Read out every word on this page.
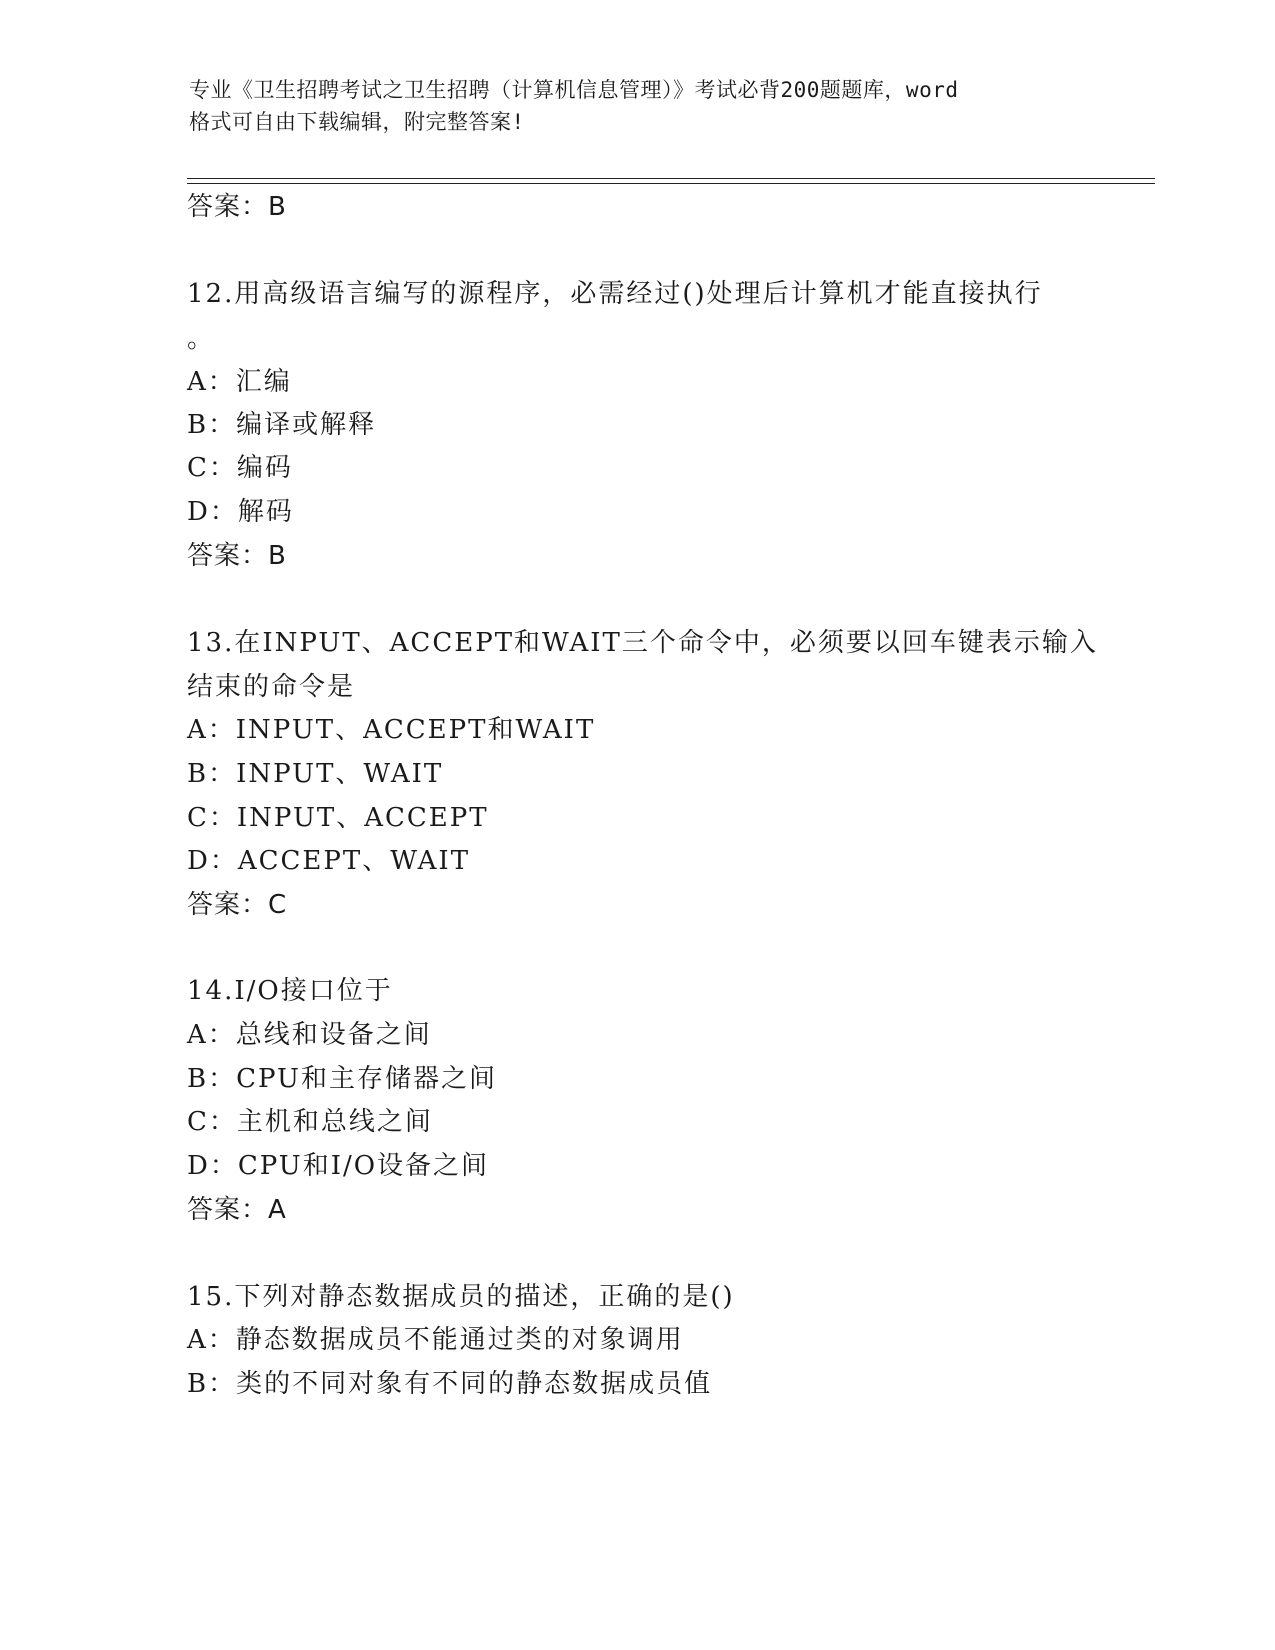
专业《卫生招聘考试之卫生招聘（计算机信息管理）》考试必背200题题库，word
格式可自由下载编辑，附完整答案!
答案：B
12.用高级语言编写的源程序，必需经过()处理后计算机才能直接执行
。
A：汇编
B：编译或解释
C：编码
D：解码
答案：B
13.在INPUT、ACCEPT和WAIT三个命令中，必须要以回车键表示输入
结束的命令是
A：INPUT、ACCEPT和WAIT
B：INPUT、WAIT
C：INPUT、ACCEPT
D：ACCEPT、WAIT
答案：C
14.I/O接口位于
A：总线和设备之间
B：CPU和主存储器之间
C：主机和总线之间
D：CPU和I/O设备之间
答案：A
15.下列对静态数据成员的描述，正确的是()
A：静态数据成员不能通过类的对象调用
B：类的不同对象有不同的静态数据成员值
